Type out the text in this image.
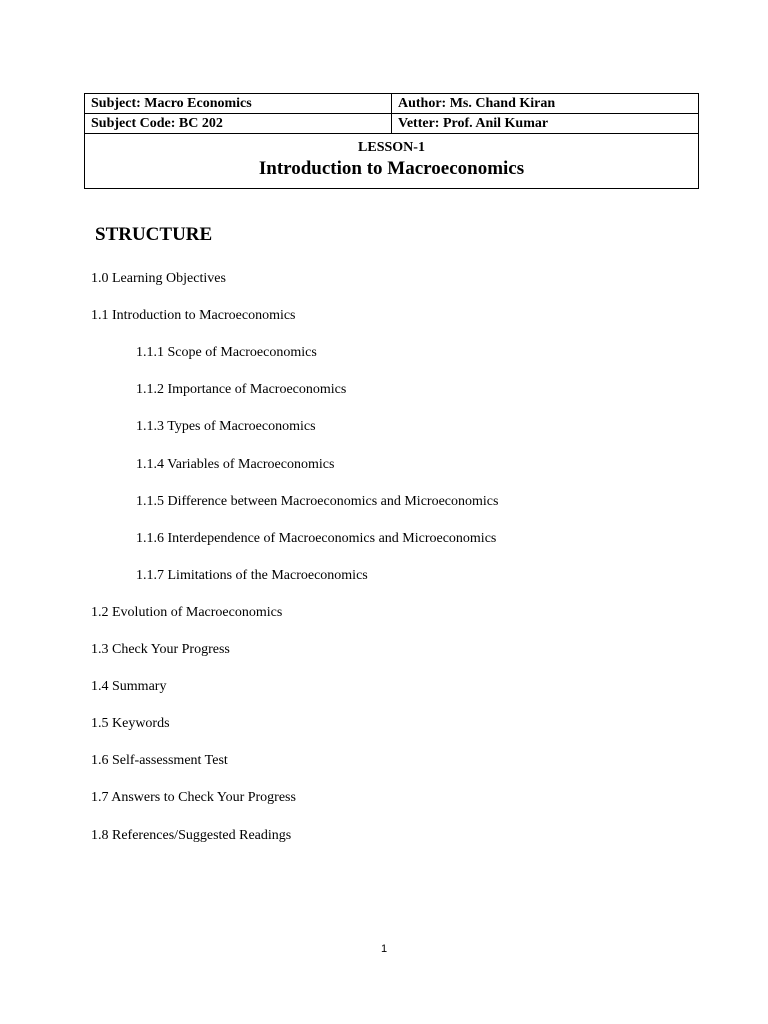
Subject: Macro Economics	Author: Ms. Chand Kiran
Subject Code: BC 202	Vetter: Prof. Anil Kumar

LESSON-1
Introduction to Macroeconomics	
STRUCTURE
1.0 Learning Objectives
1.1 Introduction to Macroeconomics
1.1.1 Scope of Macroeconomics
1.1.2 Importance of Macroeconomics
1.1.3 Types of Macroeconomics
1.1.4 Variables of Macroeconomics
1.1.5 Difference between Macroeconomics and Microeconomics
1.1.6 Interdependence of Macroeconomics and Microeconomics
1.1.7 Limitations of the Macroeconomics
1.2 Evolution of Macroeconomics
1.3 Check Your Progress
1.4 Summary
1.5 Keywords
1.6 Self-assessment Test
1.7 Answers to Check Your Progress
1.8 References/Suggested Readings
1
